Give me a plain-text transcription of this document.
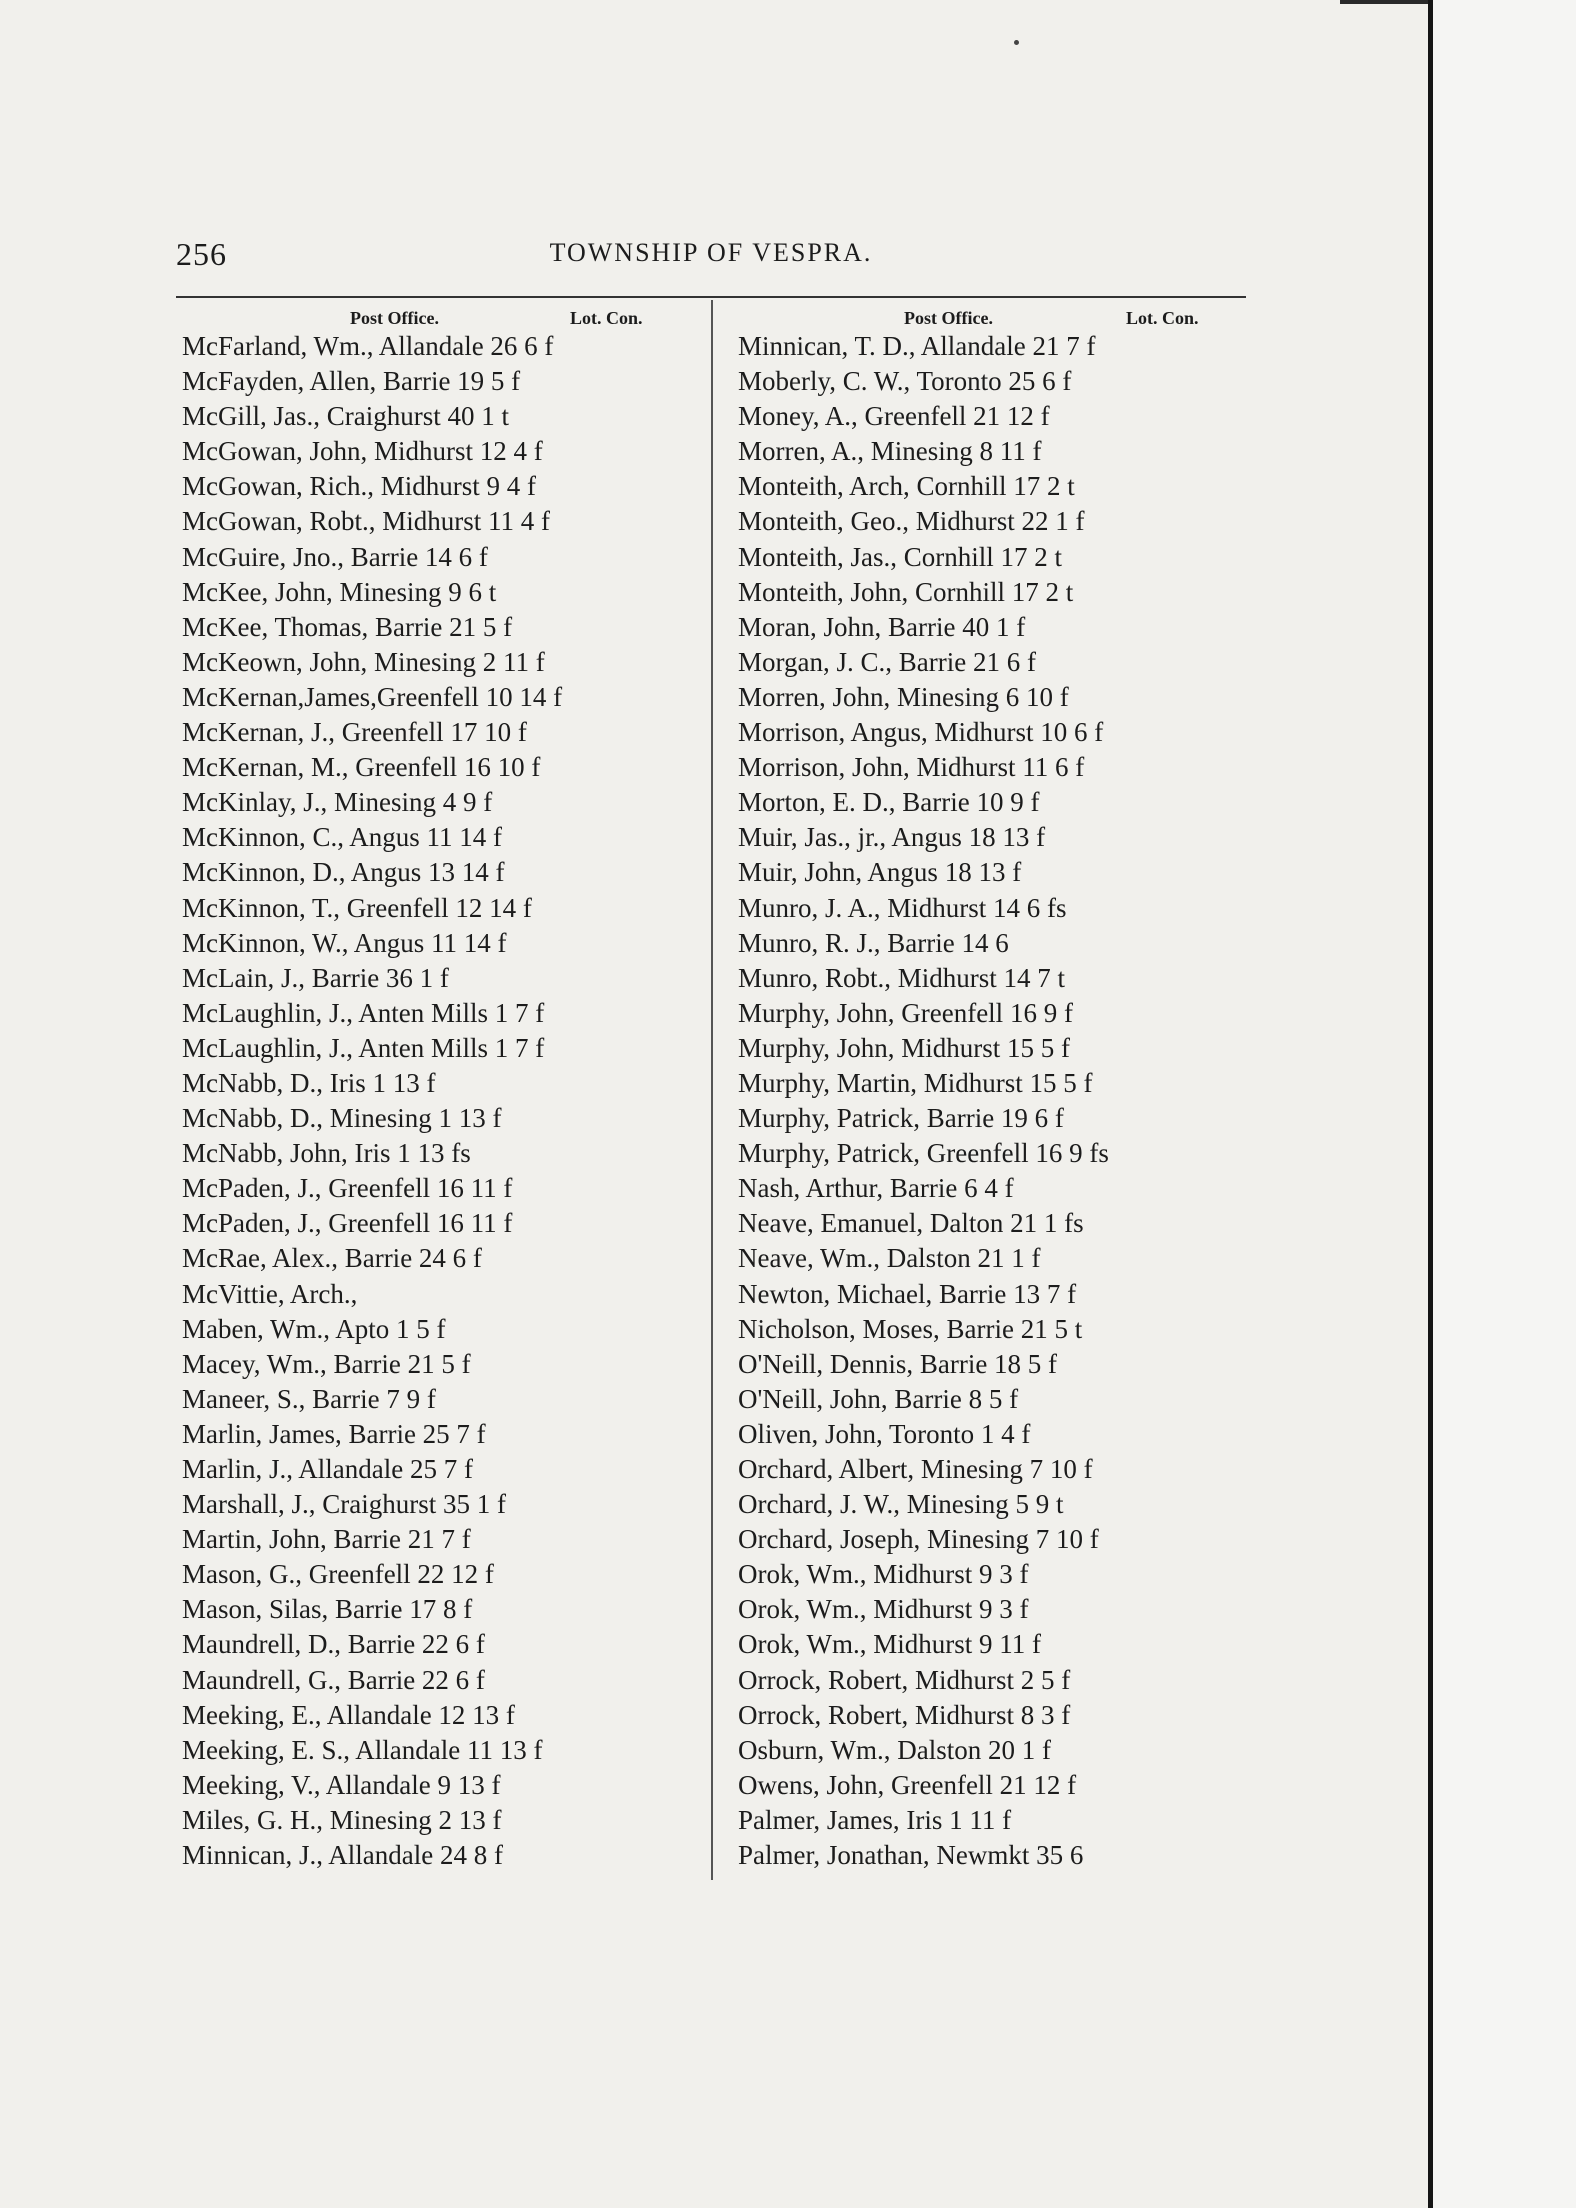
256	TOWNSHIP OF VESPRA.
Post Office.	Lot. Con.
McFarland, Wm., Allandale 26 6 f
McFayden, Allen, Barrie 19 5 f
McGill, Jas., Craighurst 40 1 t
McGowan, John, Midhurst 12 4 f
McGowan, Rich., Midhurst 9 4 f
McGowan, Robt., Midhurst 11 4 f
McGuire, Jno., Barrie 14 6 f
McKee, John, Minesing 9 6 t
McKee, Thomas, Barrie 21 5 f
McKeown, John, Minesing 2 11 f
McKernan,James,Greenfell 10 14 f
McKernan, J., Greenfell 17 10 f
McKernan, M., Greenfell 16 10 f
McKinlay, J., Minesing 4 9 f
McKinnon, C., Angus 11 14 f
McKinnon, D., Angus 13 14 f
McKinnon, T., Greenfell 12 14 f
McKinnon, W., Angus 11 14 f
McLain, J., Barrie 36 1 f
McLaughlin, J., Anten Mills 1 7 f
McLaughlin, J., Anten Mills 1 7 f
McNabb, D., Iris 1 13 f
McNabb, D., Minesing 1 13 f
McNabb, John, Iris 1 13 fs
McPaden, J., Greenfell 16 11 f
McPaden, J., Greenfell 16 11 f
McRae, Alex., Barrie 24 6 f
McVittie, Arch.,
Maben, Wm., Apto 1 5 f
Macey, Wm., Barrie 21 5 f
Maneer, S., Barrie 7 9 f
Marlin, James, Barrie 25 7 f
Marlin, J., Allandale 25 7 f
Marshall, J., Craighurst 35 1 f
Martin, John, Barrie 21 7 f
Mason, G., Greenfell 22 12 f
Mason, Silas, Barrie 17 8 f
Maundrell, D., Barrie 22 6 f
Maundrell, G., Barrie 22 6 f
Meeking, E., Allandale 12 13 f
Meeking, E. S., Allandale 11 13 f
Meeking, V., Allandale 9 13 f
Miles, G. H., Minesing 2 13 f
Minnican, J., Allandale 24 8 f
Post Office.	Lot. Con.
Minnican, T. D., Allandale 21 7 f
Moberly, C. W., Toronto 25 6 f
Money, A., Greenfell 21 12 f
Morren, A., Minesing 8 11 f
Monteith, Arch, Cornhill 17 2 t
Monteith, Geo., Midhurst 22 1 f
Monteith, Jas., Cornhill 17 2 t
Monteith, John, Cornhill 17 2 t
Moran, John, Barrie 40 1 f
Morgan, J. C., Barrie 21 6 f
Morren, John, Minesing 6 10 f
Morrison, Angus, Midhurst 10 6 f
Morrison, John, Midhurst 11 6 f
Morton, E. D., Barrie 10 9 f
Muir, Jas., jr., Angus 18 13 f
Muir, John, Angus 18 13 f
Munro, J. A., Midhurst 14 6 fs
Munro, R. J., Barrie 14 6
Munro, Robt., Midhurst 14 7 t
Murphy, John, Greenfell 16 9 f
Murphy, John, Midhurst 15 5 f
Murphy, Martin, Midhurst 15 5 f
Murphy, Patrick, Barrie 19 6 f
Murphy, Patrick, Greenfell 16 9 fs
Nash, Arthur, Barrie 6 4 f
Neave, Emanuel, Dalton 21 1 fs
Neave, Wm., Dalston 21 1 f
Newton, Michael, Barrie 13 7 f
Nicholson, Moses, Barrie 21 5 t
O'Neill, Dennis, Barrie 18 5 f
O'Neill, John, Barrie 8 5 f
Oliven, John, Toronto 1 4 f
Orchard, Albert, Minesing 7 10 f
Orchard, J. W., Minesing 5 9 t
Orchard, Joseph, Minesing 7 10 f
Orok, Wm., Midhurst 9 3 f
Orok, Wm., Midhurst 9 3 f
Orok, Wm., Midhurst 9 11 f
Orrock, Robert, Midhurst 2 5 f
Orrock, Robert, Midhurst 8 3 f
Osburn, Wm., Dalston 20 1 f
Owens, John, Greenfell 21 12 f
Palmer, James, Iris 1 11 f
Palmer, Jonathan, Newmkt 35 6
